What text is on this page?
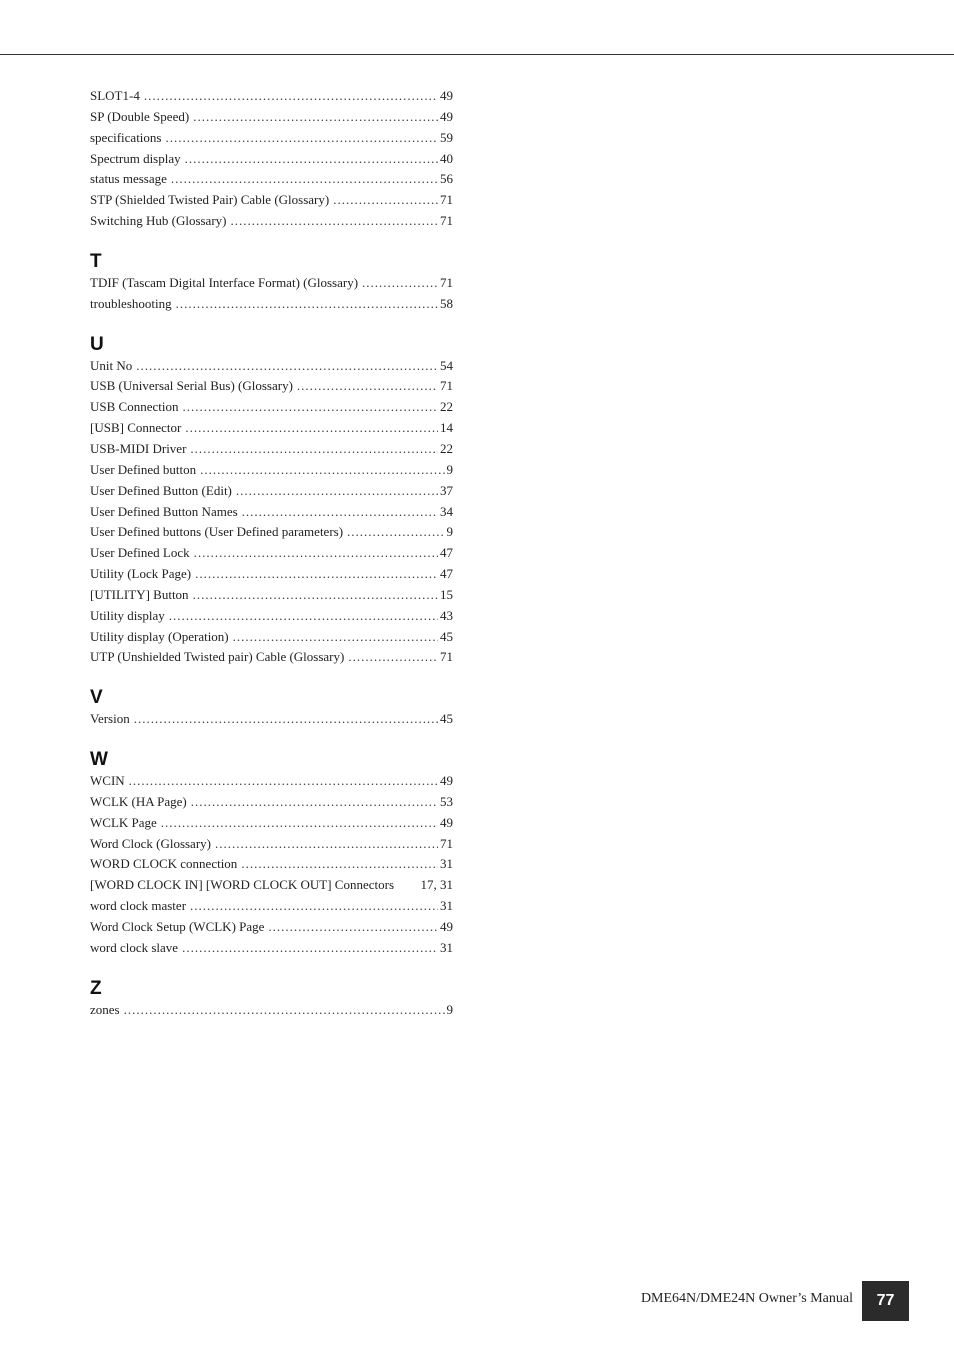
SLOT1-4 .....	49
SP (Double Speed) .....	49
specifications .....	59
Spectrum display .....	40
status message .....	56
STP (Shielded Twisted Pair) Cable (Glossary) .....	71
Switching Hub (Glossary) .....	71
T
TDIF (Tascam Digital Interface Format) (Glossary) .....	71
troubleshooting .....	58
U
Unit No .....	54
USB (Universal Serial Bus) (Glossary) .....	71
USB Connection .....	22
[USB] Connector .....	14
USB-MIDI Driver .....	22
User Defined button .....	9
User Defined Button (Edit) .....	37
User Defined Button Names .....	34
User Defined buttons (User Defined parameters) .....	9
User Defined Lock .....	47
Utility (Lock Page) .....	47
[UTILITY] Button .....	15
Utility display .....	43
Utility display (Operation) .....	45
UTP (Unshielded Twisted pair) Cable (Glossary) .....	71
V
Version .....	45
W
WCIN .....	49
WCLK (HA Page) .....	53
WCLK Page .....	49
Word Clock (Glossary) .....	71
WORD CLOCK connection .....	31
[WORD CLOCK IN] [WORD CLOCK OUT] Connectors	17, 31
word clock master .....	31
Word Clock Setup (WCLK) Page .....	49
word clock slave .....	31
Z
zones .....	9
DME64N/DME24N Owner’s Manual 77
